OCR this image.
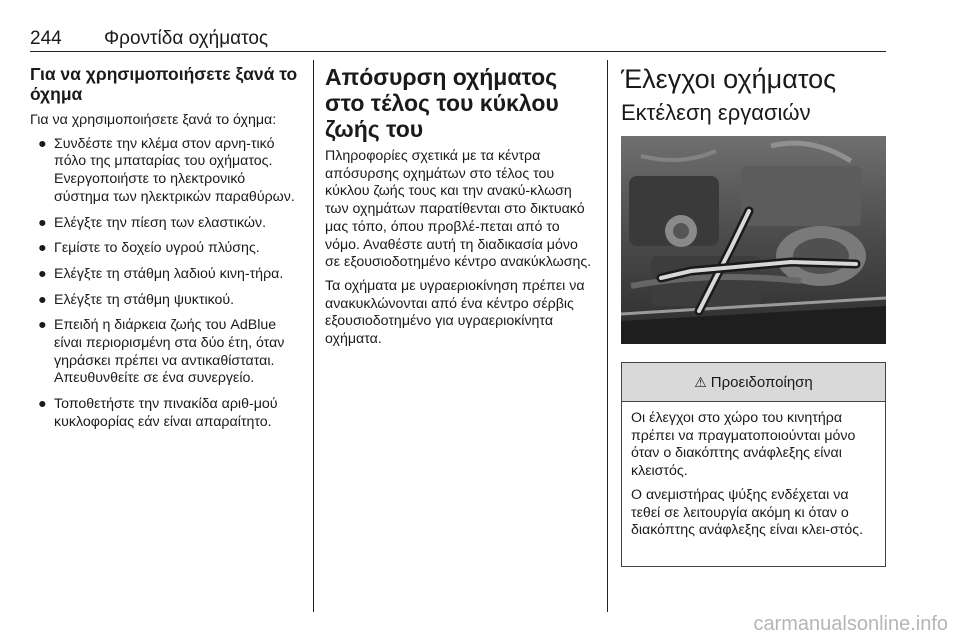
244 Φροντίδα οχήματος
Για να χρησιμοποιήσετε ξανά το όχημα
Για να χρησιμοποιήσετε ξανά το όχημα:
● Συνδέστε την κλέμα στον αρνη‐τικό πόλο της μπαταρίας του οχήματος. Ενεργοποιήστε το ηλεκτρονικό σύστημα των ηλεκτρικών παραθύρων.
● Ελέγξτε την πίεση των ελαστικών.
● Γεμίστε το δοχείο υγρού πλύσης.
● Ελέγξτε τη στάθμη λαδιού κινη‐τήρα.
● Ελέγξτε τη στάθμη ψυκτικού.
● Επειδή η διάρκεια ζωής του AdBlue είναι περιορισμένη στα δύο έτη, όταν γηράσκει πρέπει να αντικαθίσταται. Απευθυνθείτε σε ένα συνεργείο.
● Τοποθετήστε την πινακίδα αριθ‐μού κυκλοφορίας εάν είναι απαραίτητο.
Απόσυρση οχήματος στο τέλος του κύκλου ζωής του
Πληροφορίες σχετικά με τα κέντρα απόσυρσης οχημάτων στο τέλος του κύκλου ζωής τους και την ανακύ‐κλωση των οχημάτων παρατίθενται στο δικτυακό μας τόπο, όπου προβλέ‐πεται από το νόμο. Αναθέστε αυτή τη διαδικασία μόνο σε εξουσιοδοτημένο κέντρο ανακύκλωσης.
Τα οχήματα με υγραεριοκίνηση πρέπει να ανακυκλώνονται από ένα κέντρο σέρβις εξουσιοδοτημένο για υγραεριοκίνητα οχήματα.
Έλεγχοι οχήματος
Εκτέλεση εργασιών
⚠ Προειδοποίηση
Οι έλεγχοι στο χώρο του κινητήρα πρέπει να πραγματοποιούνται μόνο όταν ο διακόπτης ανάφλεξης είναι κλειστός.
Ο ανεμιστήρας ψύξης ενδέχεται να τεθεί σε λειτουργία ακόμη κι όταν ο διακόπτης ανάφλεξης είναι κλει‐στός.
carmanualsonline.info
